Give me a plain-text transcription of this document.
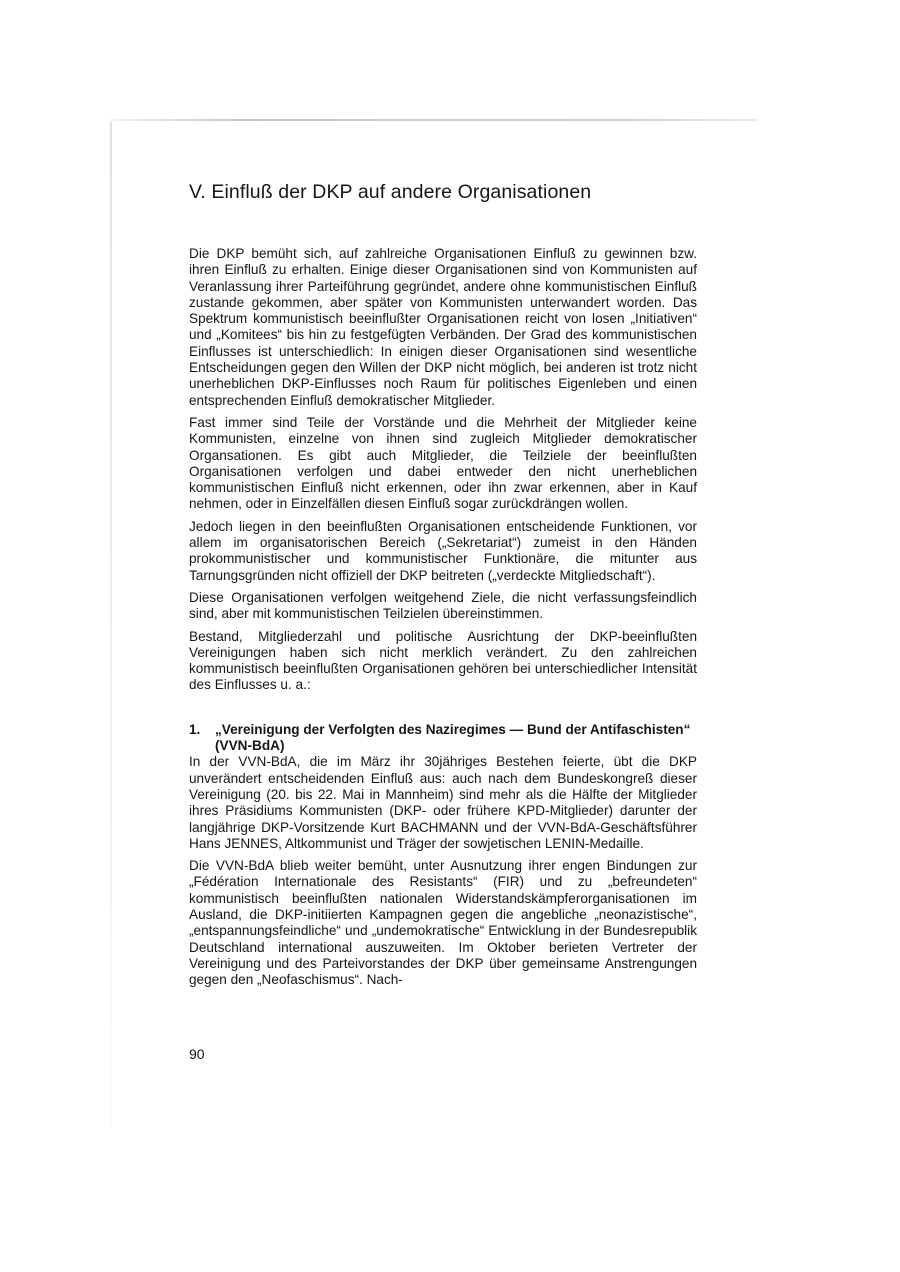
V. Einfluß der DKP auf andere Organisationen

Die DKP bemüht sich, auf zahlreiche Organisationen Einfluß zu gewinnen bzw. ihren Einfluß zu erhalten. Einige dieser Organisationen sind von Kommunisten auf Veranlassung ihrer Parteiführung gegründet, andere ohne kommunistischen Einfluß zustande gekommen, aber später von Kommunisten unterwandert worden. Das Spektrum kommunistisch beeinflußter Organisationen reicht von losen „Initiativen“ und „Komitees“ bis hin zu festgefügten Verbänden. Der Grad des kommunistischen Einflusses ist unterschiedlich: In einigen dieser Organisationen sind wesentliche Entscheidungen gegen den Willen der DKP nicht möglich, bei anderen ist trotz nicht unerheblichen DKP-Einflusses noch Raum für politisches Eigenleben und einen entsprechenden Einfluß demokratischer Mitglieder.

Fast immer sind Teile der Vorstände und die Mehrheit der Mitglieder keine Kommunisten, einzelne von ihnen sind zugleich Mitglieder demokratischer Organsationen. Es gibt auch Mitglieder, die Teilziele der beeinflußten Organisationen verfolgen und dabei entweder den nicht unerheblichen kommunistischen Einfluß nicht erkennen, oder ihn zwar erkennen, aber in Kauf nehmen, oder in Einzelfällen diesen Einfluß sogar zurückdrängen wollen.

Jedoch liegen in den beeinflußten Organisationen entscheidende Funktionen, vor allem im organisatorischen Bereich („Sekretariat“) zumeist in den Händen prokommunistischer und kommunistischer Funktionäre, die mitunter aus Tarnungsgründen nicht offiziell der DKP beitreten („verdeckte Mitgliedschaft“).

Diese Organisationen verfolgen weitgehend Ziele, die nicht verfassungsfeindlich sind, aber mit kommunistischen Teilzielen übereinstimmen.

Bestand, Mitgliederzahl und politische Ausrichtung der DKP-beeinflußten Vereinigungen haben sich nicht merklich verändert. Zu den zahlreichen kommunistisch beeinflußten Organisationen gehören bei unterschiedlicher Intensität des Einflusses u. a.:

1.	„Vereinigung der Verfolgten des Naziregimes — Bund der Antifaschisten“ (VVN-BdA)

In der VVN-BdA, die im März ihr 30jähriges Bestehen feierte, übt die DKP unverändert entscheidenden Einfluß aus: auch nach dem Bundeskongreß dieser Vereinigung (20. bis 22. Mai in Mannheim) sind mehr als die Hälfte der Mitglieder ihres Präsidiums Kommunisten (DKP- oder frühere KPD-Mitglieder) darunter der langjährige DKP-Vorsitzende Kurt BACHMANN und der VVN-BdA-Geschäftsführer Hans JENNES, Altkommunist und Träger der sowjetischen LENIN-Medaille.

Die VVN-BdA blieb weiter bemüht, unter Ausnutzung ihrer engen Bindungen zur „Fédération Internationale des Resistants“ (FIR) und zu „befreundeten“ kommunistisch beeinflußten nationalen Widerstandskämpferorganisationen im Ausland, die DKP-initiierten Kampagnen gegen die angebliche „neonazistische“, „entspannungsfeindliche“ und „undemokratische“ Entwicklung in der Bundesrepublik Deutschland international auszuweiten. Im Oktober berieten Vertreter der Vereinigung und des Parteivorstandes der DKP über gemeinsame Anstrengungen gegen den „Neofaschismus“. Nach-

90
